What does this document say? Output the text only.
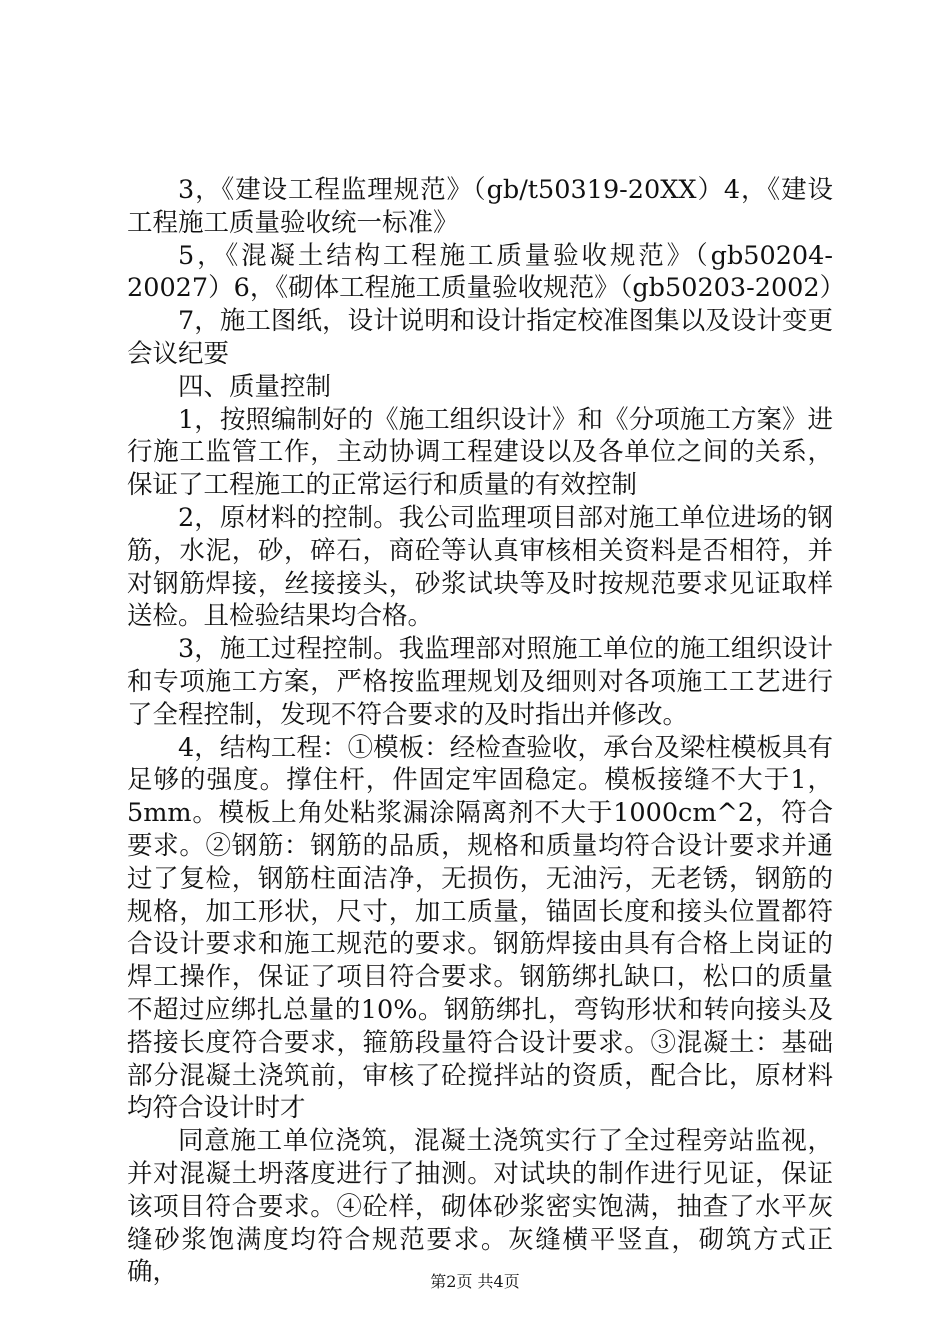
3，《建设工程监理规范》（gb/t50319-20XX）4，《建设工程施工质量验收统一标准》

5，《混凝土结构工程施工质量验收规范》（gb50204-20027）6，《砌体工程施工质量验收规范》（gb50203-2002）

7，施工图纸，设计说明和设计指定校准图集以及设计变更会议纪要

四、质量控制

1，按照编制好的《施工组织设计》和《分项施工方案》进行施工监管工作，主动协调工程建设以及各单位之间的关系，保证了工程施工的正常运行和质量的有效控制

2，原材料的控制。我公司监理项目部对施工单位进场的钢筋，水泥，砂，碎石，商砼等认真审核相关资料是否相符，并对钢筋焊接，丝接接头，砂浆试块等及时按规范要求见证取样送检。且检验结果均合格。

3，施工过程控制。我监理部对照施工单位的施工组织设计和专项施工方案，严格按监理规划及细则对各项施工工艺进行了全程控制，发现不符合要求的及时指出并修改。

4，结构工程：①模板：经检查验收，承台及梁柱模板具有足够的强度。撑住杆，件固定牢固稳定。模板接缝不大于1，5mm。模板上角处粘浆漏涂隔离剂不大于1000cm^2，符合要求。②钢筋：钢筋的品质，规格和质量均符合设计要求并通过了复检，钢筋柱面洁净，无损伤，无油污，无老锈，钢筋的规格，加工形状，尺寸，加工质量，锚固长度和接头位置都符合设计要求和施工规范的要求。钢筋焊接由具有合格上岗证的焊工操作，保证了项目符合要求。钢筋绑扎缺口，松口的质量不超过应绑扎总量的10%。钢筋绑扎，弯钩形状和转向接头及搭接长度符合要求，箍筋段量符合设计要求。③混凝土：基础部分混凝土浇筑前，审核了砼搅拌站的资质，配合比，原材料均符合设计时才

同意施工单位浇筑，混凝土浇筑实行了全过程旁站监视，并对混凝土坍落度进行了抽测。对试块的制作进行见证，保证该项目符合要求。④砼样，砌体砂浆密实饱满，抽查了水平灰缝砂浆饱满度均符合规范要求。灰缝横平竖直，砌筑方式正确，	第2页 共4页
